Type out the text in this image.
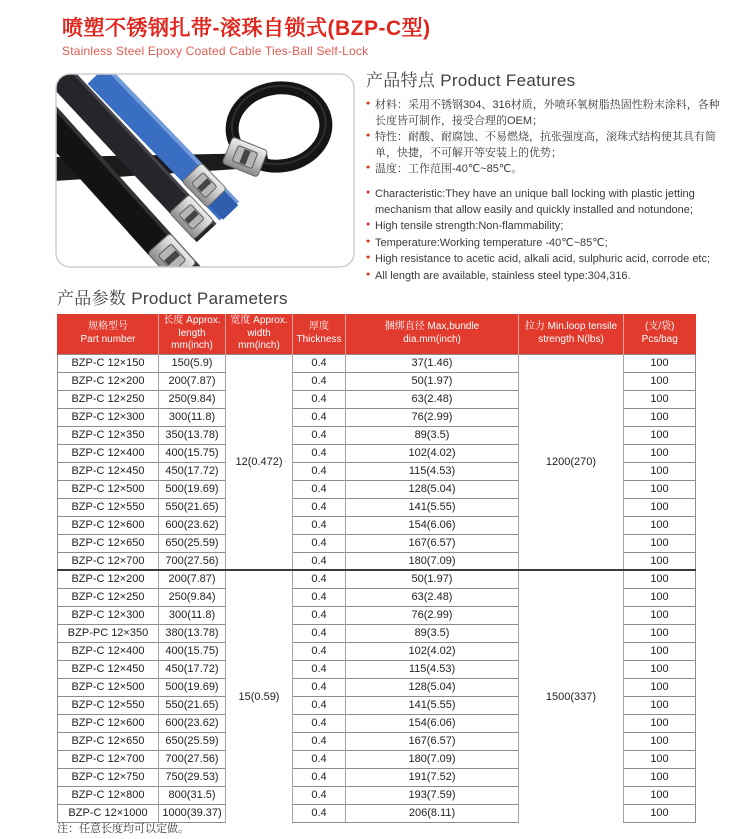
喷塑不锈钢扎带-滚珠自锁式(BZP-C型)
Stainless Steel Epoxy Coated Cable Ties-Ball Self-Lock
产品特点 Product Features
● 材料：采用不锈钢304、316材质，外喷环氧树脂热固性粉末涂料，各种长度皆可制作，接受合理的OEM；
● 特性：耐酸、耐腐蚀、不易燃烧，抗张强度高，滚珠式结构使其具有简单，快捷，不可解开等安装上的优势；
● 温度：工作范围-40℃~85℃。
● Characteristic:They have an unique ball locking with plastic jetting mechanism that allow easily and quickly installed and notundone;
● High tensile strength:Non-flammability;
● Temperature:Working temperature -40℃~85℃;
● High resistance to acetic acid, alkali acid, sulphuric acid, corrode etc;
● All length are available, stainless steel type:304,316.
产品参数 Product Parameters
规格型号
Part number

长度 Approx.
length mm(inch)

宽度 Approx.
width mm(inch)

厚度
Thickness

捆绑直径 Max,bundle
dia.mm(inch)

拉力 Min.loop tensile
strength N(lbs)

(支/袋)
Pcs/bag

BZP-C 12×150	150(5.9)	12(0.472)	0.4	37(1.46)	1200(270)	100
BZP-C 12×200	200(7.87)		0.4	50(1.97)		100
BZP-C 12×250	250(9.84)		0.4	63(2.48)		100
BZP-C 12×300	300(11.8)		0.4	76(2.99)		100
BZP-C 12×350	350(13.78)		0.4	89(3.5)		100
BZP-C 12×400	400(15.75)		0.4	102(4.02)		100
BZP-C 12×450	450(17.72)		0.4	115(4.53)		100
BZP-C 12×500	500(19.69)		0.4	128(5.04)		100
BZP-C 12×550	550(21.65)		0.4	141(5.55)		100
BZP-C 12×600	600(23.62)		0.4	154(6.06)		100
BZP-C 12×650	650(25.59)		0.4	167(6.57)		100
BZP-C 12×700	700(27.56)		0.4	180(7.09)		100
BZP-C 12×200	200(7.87)	15(0.59)	0.4	50(1.97)	1500(337)	100
BZP-C 12×250	250(9.84)		0.4	63(2.48)		100
BZP-C 12×300	300(11.8)		0.4	76(2.99)		100
BZP-PC 12×350	380(13.78)		0.4	89(3.5)		100
BZP-C 12×400	400(15.75)		0.4	102(4.02)		100
BZP-C 12×450	450(17.72)		0.4	115(4.53)		100
BZP-C 12×500	500(19.69)		0.4	128(5.04)		100
BZP-C 12×550	550(21.65)		0.4	141(5.55)		100
BZP-C 12×600	600(23.62)		0.4	154(6.06)		100
BZP-C 12×650	650(25.59)		0.4	167(6.57)		100
BZP-C 12×700	700(27.56)		0.4	180(7.09)		100
BZP-C 12×750	750(29.53)		0.4	191(7.52)		100
BZP-C 12×800	800(31.5)		0.4	193(7.59)		100
BZP-C 12×1000	1000(39.37)		0.4	206(8.11)		100
注：任意长度均可以定做。
